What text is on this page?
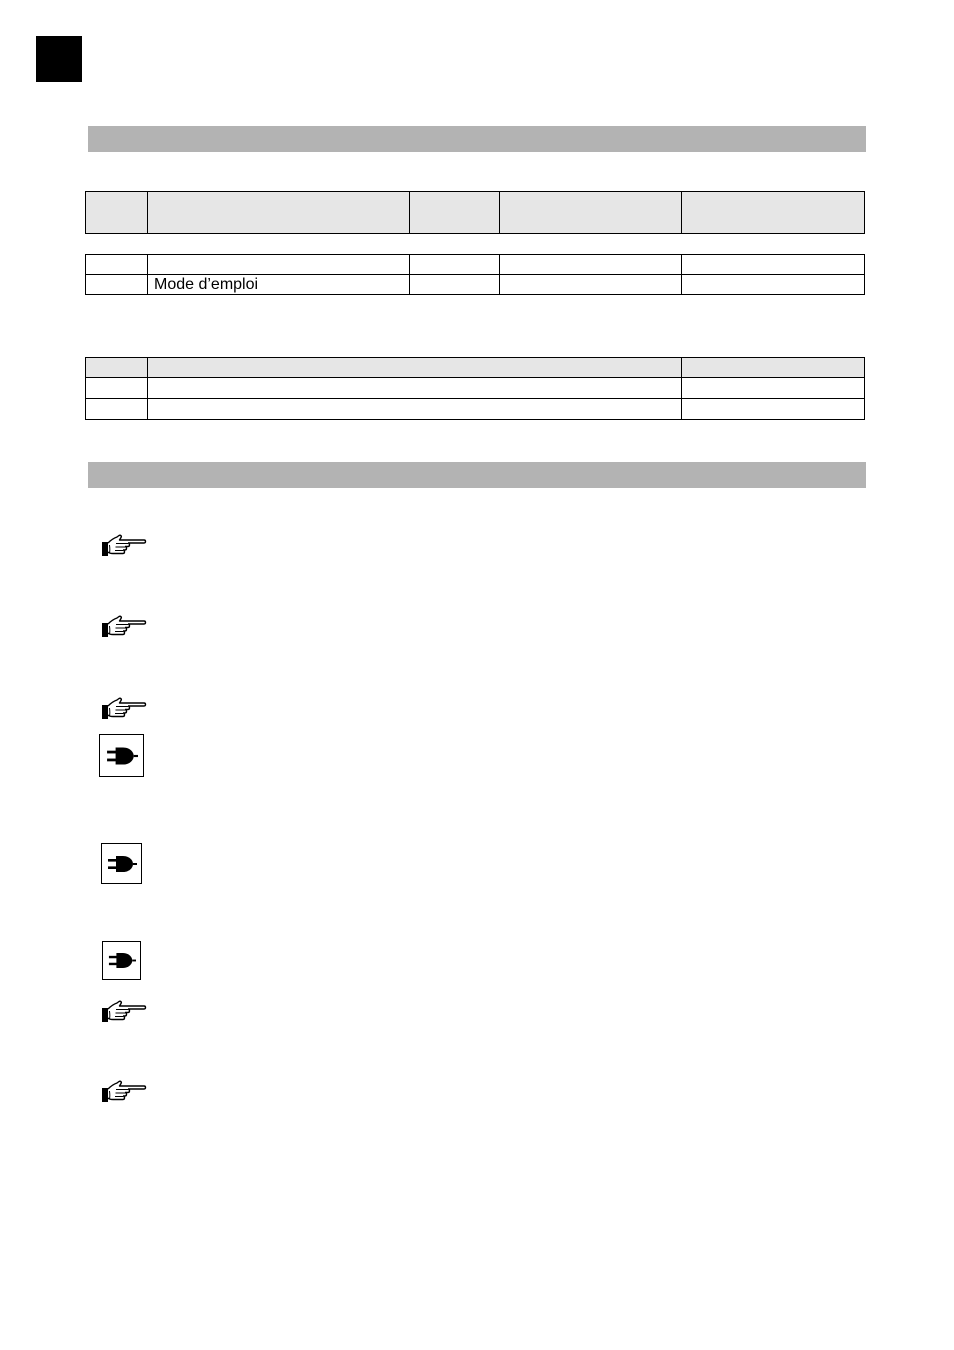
	Mode d’emploi			
